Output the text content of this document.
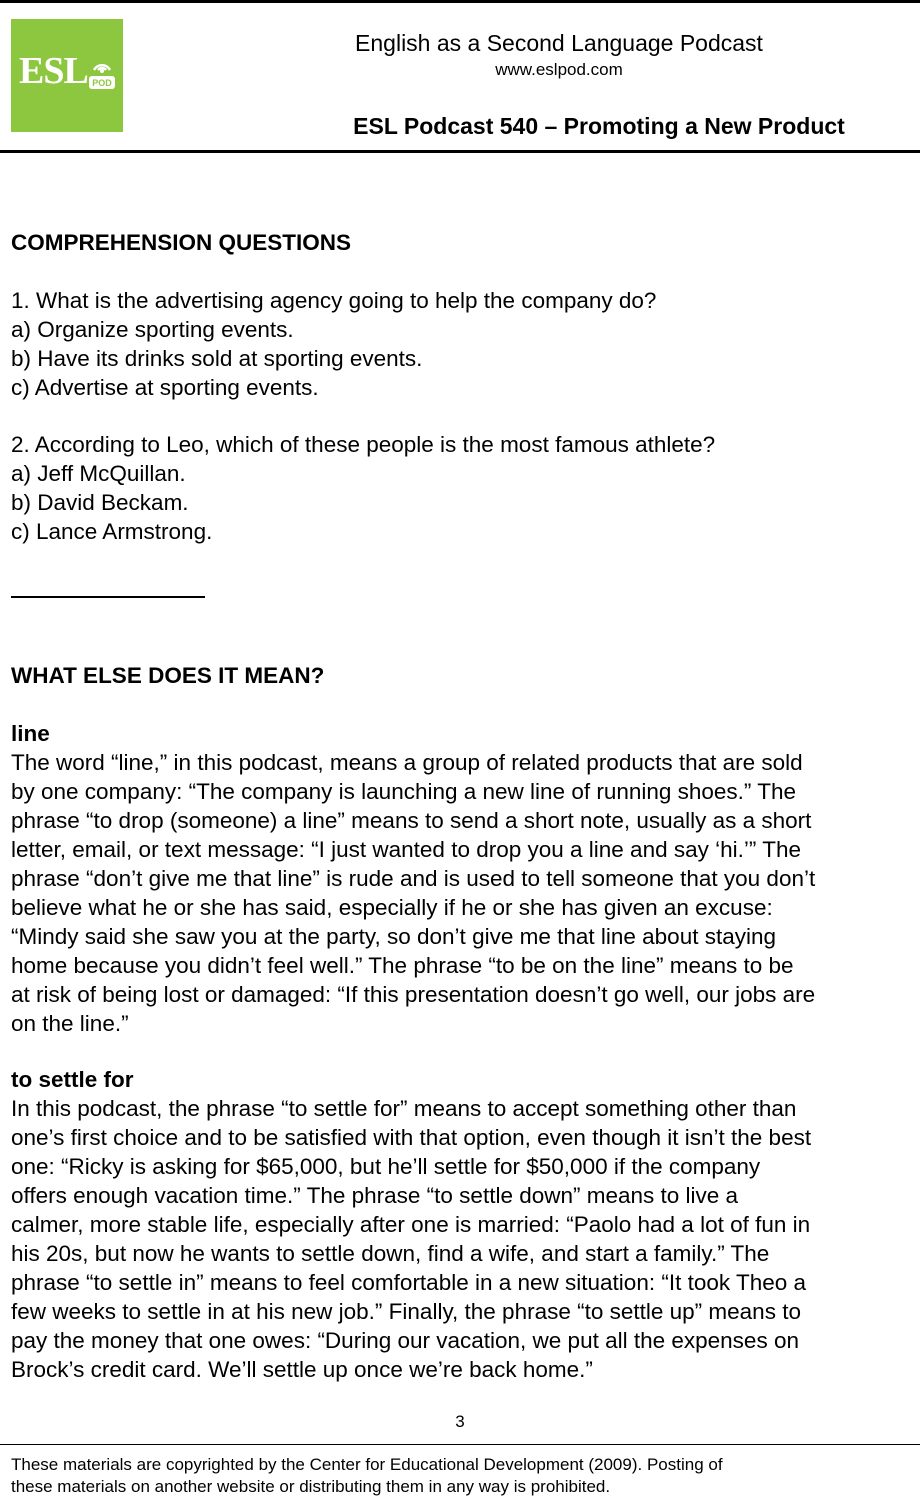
ESL POD
English as a Second Language Podcast
www.eslpod.com
ESL Podcast 540 – Promoting a New Product
COMPREHENSION QUESTIONS
1. What is the advertising agency going to help the company do?
a) Organize sporting events.
b) Have its drinks sold at sporting events.
c) Advertise at sporting events.
2. According to Leo, which of these people is the most famous athlete?
a) Jeff McQuillan.
b) David Beckam.
c) Lance Armstrong.
WHAT ELSE DOES IT MEAN?
line
The word “line,” in this podcast, means a group of related products that are sold
by one company: “The company is launching a new line of running shoes.” The
phrase “to drop (someone) a line” means to send a short note, usually as a short
letter, email, or text message: “I just wanted to drop you a line and say ‘hi.’” The
phrase “don’t give me that line” is rude and is used to tell someone that you don’t
believe what he or she has said, especially if he or she has given an excuse:
“Mindy said she saw you at the party, so don’t give me that line about staying
home because you didn’t feel well.” The phrase “to be on the line” means to be
at risk of being lost or damaged: “If this presentation doesn’t go well, our jobs are
on the line.”
to settle for
In this podcast, the phrase “to settle for” means to accept something other than
one’s first choice and to be satisfied with that option, even though it isn’t the best
one: “Ricky is asking for $65,000, but he’ll settle for $50,000 if the company
offers enough vacation time.” The phrase “to settle down” means to live a
calmer, more stable life, especially after one is married: “Paolo had a lot of fun in
his 20s, but now he wants to settle down, find a wife, and start a family.” The
phrase “to settle in” means to feel comfortable in a new situation: “It took Theo a
few weeks to settle in at his new job.” Finally, the phrase “to settle up” means to
pay the money that one owes: “During our vacation, we put all the expenses on
Brock’s credit card. We’ll settle up once we’re back home.”
3
These materials are copyrighted by the Center for Educational Development (2009). Posting of
these materials on another website or distributing them in any way is prohibited.
